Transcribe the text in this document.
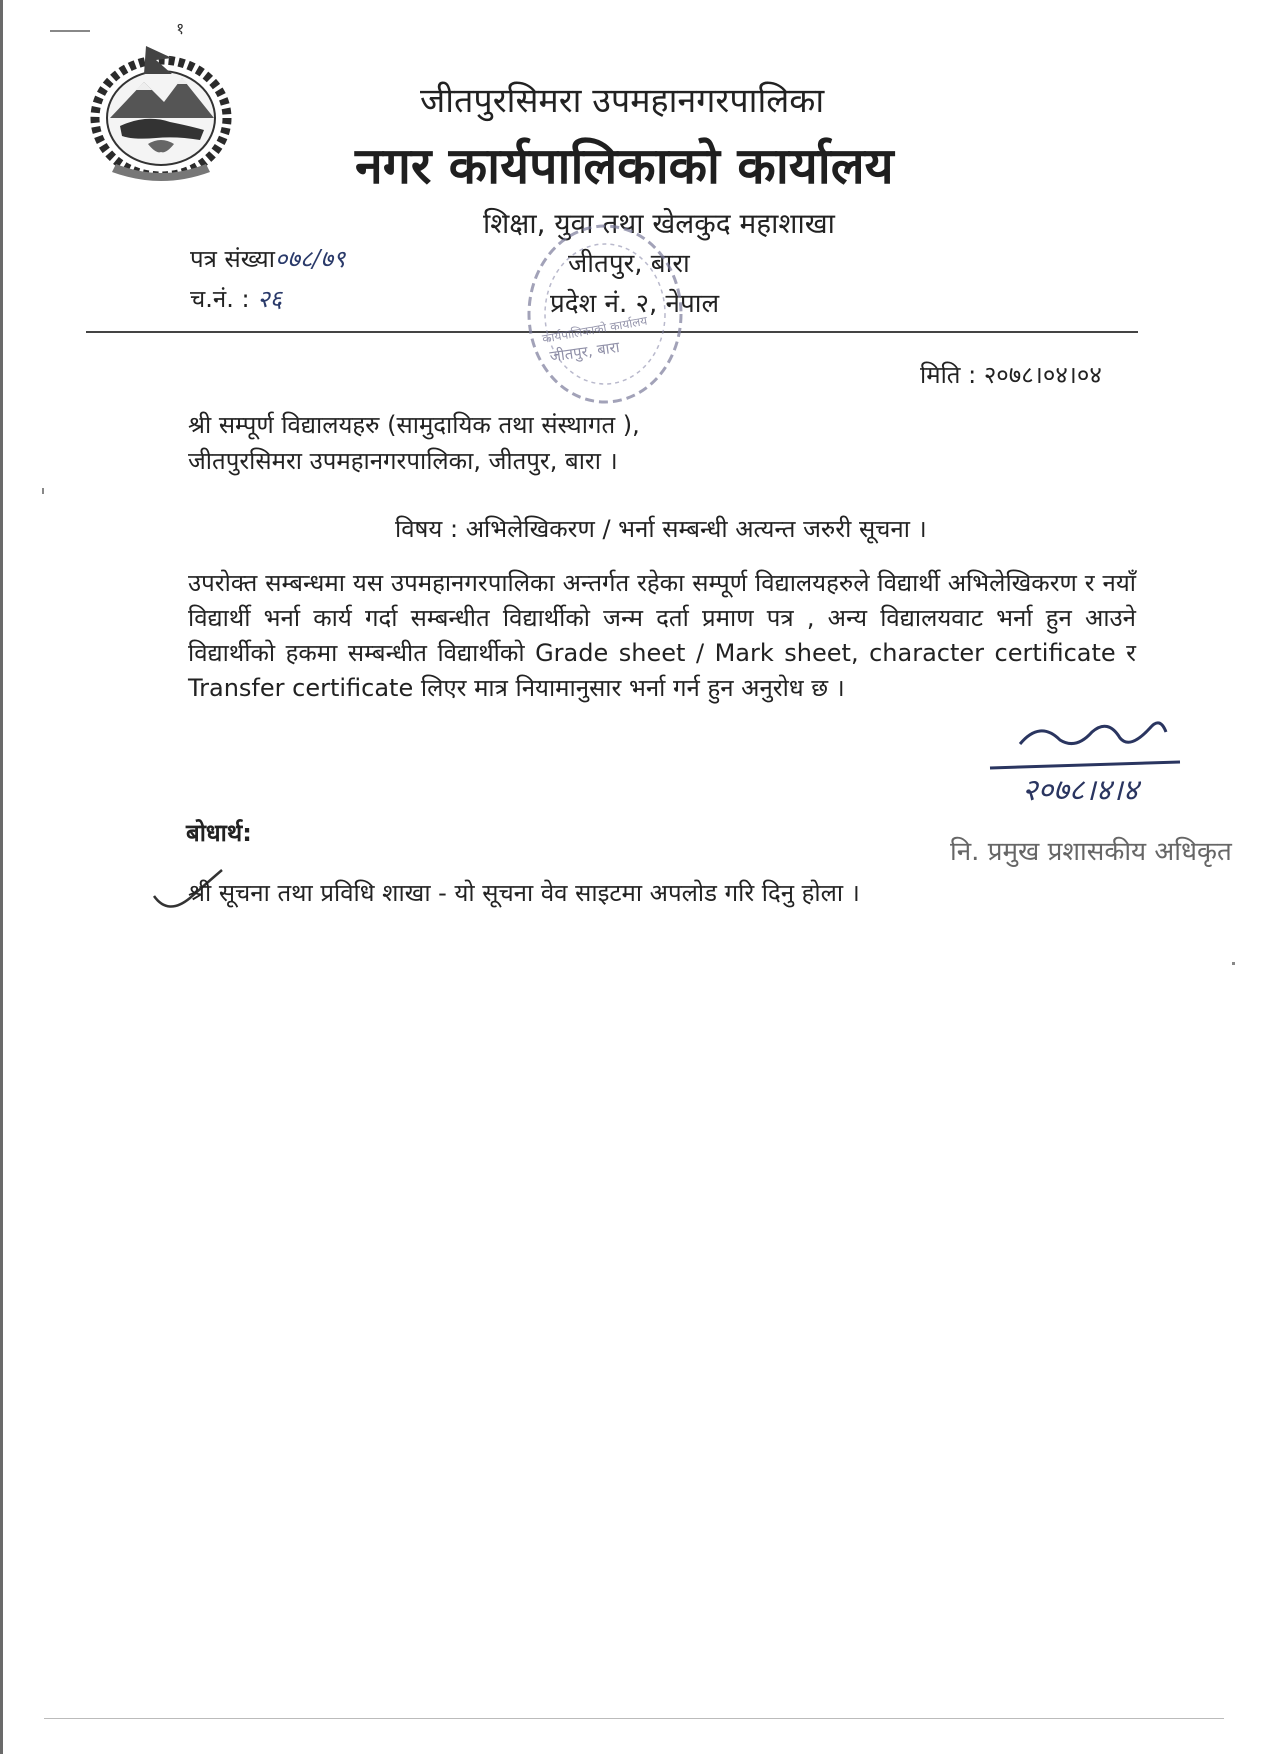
१
जीतपुरसिमरा उपमहानगरपालिका
नगर कार्यपालिकाको कार्यालय
शिक्षा, युवा तथा खेलकुद महाशाखा
जीतपुर, बारा
प्रदेश नं. २, नेपाल
पत्र संख्या०७८/७९
च.नं. : २६
जीतपुर, बारा
कार्यपालिकाको कार्यालय
मिति : २०७८।०४।०४
श्री सम्पूर्ण विद्यालयहरु (सामुदायिक तथा संस्थागत ),
जीतपुरसिमरा उपमहानगरपालिका, जीतपुर, बारा ।
विषय : अभिलेखिकरण / भर्ना सम्बन्धी अत्यन्त जरुरी सूचना ।
उपरोक्त सम्बन्धमा यस उपमहानगरपालिका अन्तर्गत रहेका सम्पूर्ण विद्यालयहरुले विद्यार्थी अभिलेखिकरण र नयाँ विद्यार्थी भर्ना कार्य गर्दा सम्बन्धीत विद्यार्थीको जन्म दर्ता प्रमाण पत्र , अन्य विद्यालयवाट भर्ना हुन आउने विद्यार्थीको हकमा सम्बन्धीत विद्यार्थीको Grade sheet / Mark sheet, character certificate र Transfer certificate लिएर मात्र नियामानुसार भर्ना गर्न हुन अनुरोध छ ।
२०७८।४।४
नि. प्रमुख प्रशासकीय अधिकृत
बोधार्थ:
श्री सूचना तथा प्रविधि शाखा - यो सूचना वेव साइटमा अपलोड गरि दिनु होला ।
